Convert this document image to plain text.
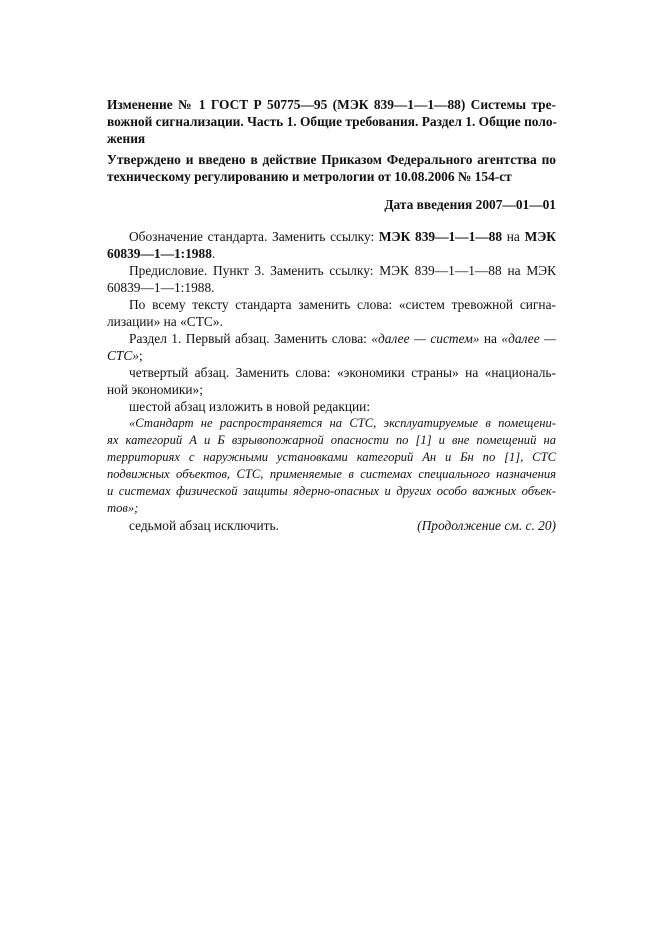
Изменение № 1 ГОСТ Р 50775—95 (МЭК 839—1—1—88) Системы тре-
вожной сигнализации. Часть 1. Общие требования. Раздел 1. Общие поло-
жения
Утверждено и введено в действие Приказом Федерального агентства по
техническому регулированию и метрологии от 10.08.2006 № 154-ст
Дата введения 2007—01—01
Обозначение стандарта. Заменить ссылку: МЭК 839—1—1—88 на МЭК
60839—1—1:1988.
Предисловие. Пункт 3. Заменить ссылку: МЭК 839—1—1—88 на МЭК
60839—1—1:1988.
По всему тексту стандарта заменить слова: «систем тревожной сигна-
лизации» на «СТС».
Раздел 1. Первый абзац. Заменить слова: «далее — систем» на «далее —
СТС»;
четвертый абзац. Заменить слова: «экономики страны» на «националь-
ной экономики»;
шестой абзац изложить в новой редакции:
«Стандарт не распространяется на СТС, эксплуатируемые в помещени-
ях категорий А и Б взрывопожарной опасности по [1] и вне помещений на
территориях с наружными установками категорий Ан и Бн по [1], СТС
подвижных объектов, СТС, применяемые в системах специального назначения
и системах физической защиты ядерно-опасных и других особо важных объек-
тов»;
седьмой абзац исключить.	(Продолжение см. с. 20)
